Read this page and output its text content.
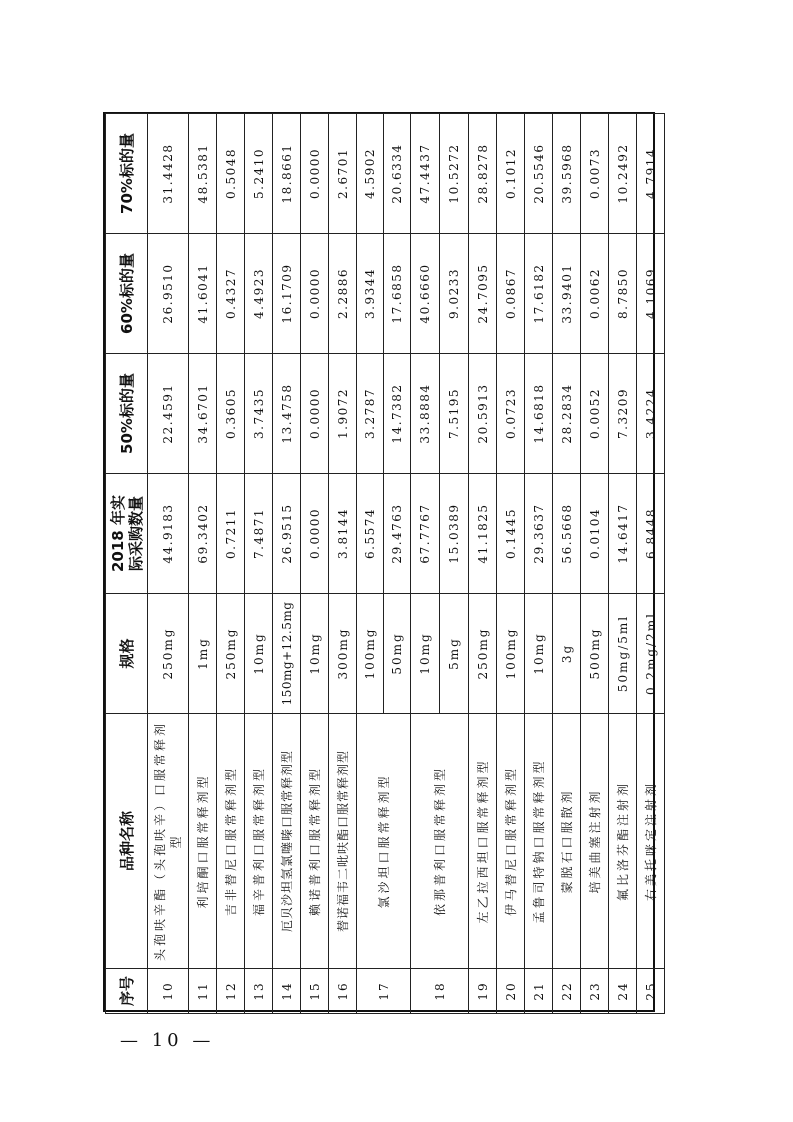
序号	品种名称	规格	2018 年实际采购数量	50%标的量	60%标的量	70%标的量
10	头孢呋辛酯（头孢呋辛）口服常释剂型	250mg	44.9183	22.4591	26.9510	31.4428
11	利培酮口服常释剂型	1mg	69.3402	34.6701	41.6041	48.5381
12	吉非替尼口服常释剂型	250mg	0.7211	0.3605	0.4327	0.5048
13	福辛普利口服常释剂型	10mg	7.4871	3.7435	4.4923	5.2410
14	厄贝沙坦氢氯噻嗪口服常释剂型	150mg+12.5mg	26.9515	13.4758	16.1709	18.8661
15	赖诺普利口服常释剂型	10mg	0.0000	0.0000	0.0000	0.0000
16	替诺福韦二吡呋酯口服常释剂型	300mg	3.8144	1.9072	2.2886	2.6701
17	氯沙坦口服常释剂型	100mg	6.5574	3.2787	3.9344	4.5902
		50mg	29.4763	14.7382	17.6858	20.6334
18	依那普利口服常释剂型	10mg	67.7767	33.8884	40.6660	47.4437
		5mg	15.0389	7.5195	9.0233	10.5272
19	左乙拉西坦口服常释剂型	250mg	41.1825	20.5913	24.7095	28.8278
20	伊马替尼口服常释剂型	100mg	0.1445	0.0723	0.0867	0.1012
21	孟鲁司特钠口服常释剂型	10mg	29.3637	14.6818	17.6182	20.5546
22	蒙脱石口服散剂	3g	56.5668	28.2834	33.9401	39.5968
23	培美曲塞注射剂	500mg	0.0104	0.0052	0.0062	0.0073
24	氟比洛芬酯注射剂	50mg/5ml	14.6417	7.3209	8.7850	10.2492
25	右美托咪定注射剂	0.2mg/2ml	6.8448	3.4224	4.1069	4.7914
— 10 —
